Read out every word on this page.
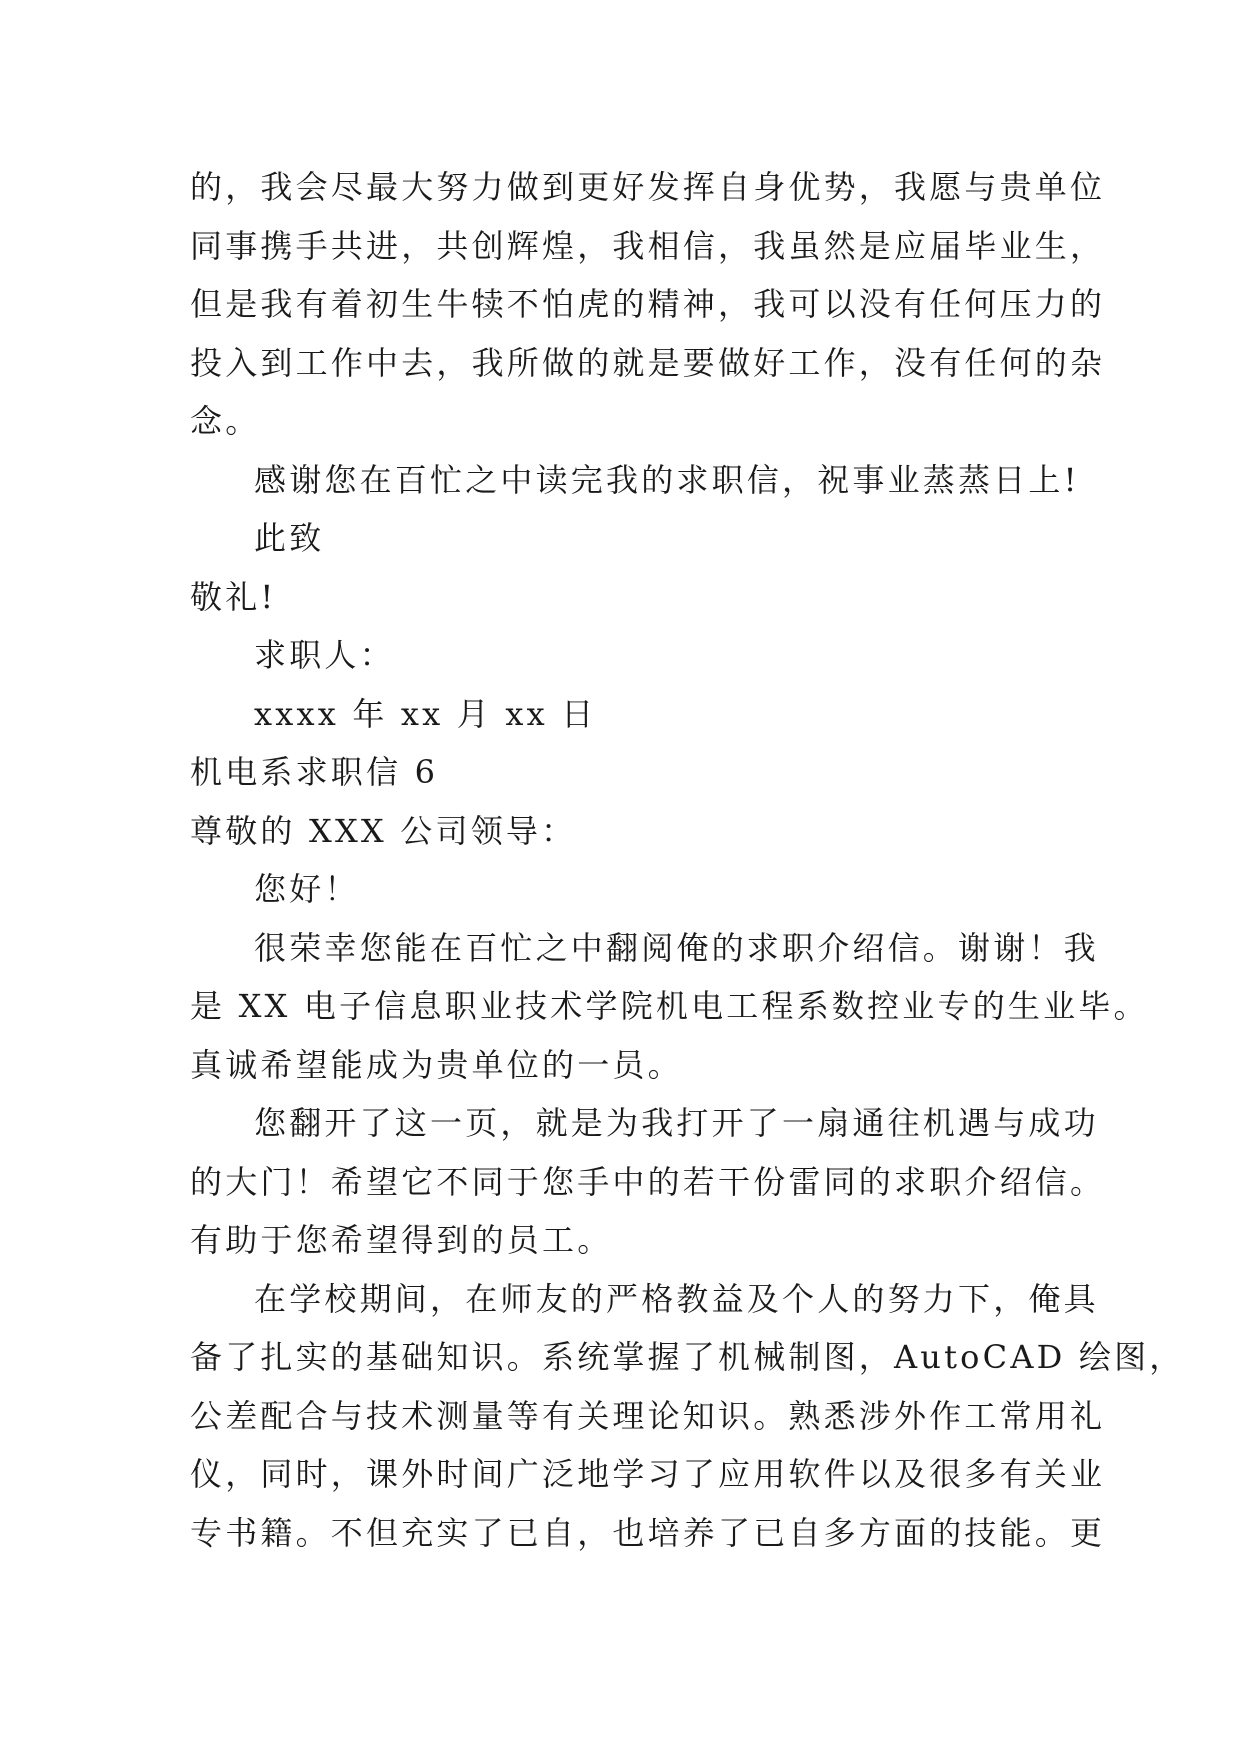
的，我会尽最大努力做到更好发挥自身优势，我愿与贵单位
同事携手共进，共创辉煌，我相信，我虽然是应届毕业生，
但是我有着初生牛犊不怕虎的精神，我可以没有任何压力的
投入到工作中去，我所做的就是要做好工作，没有任何的杂
念。
感谢您在百忙之中读完我的求职信，祝事业蒸蒸日上!
此致
敬礼!
求职人：
xxxx 年 xx 月 xx 日
机电系求职信 6
尊敬的 XXX 公司领导：
您好！
很荣幸您能在百忙之中翻阅俺的求职介绍信。谢谢！我
是 XX 电子信息职业技术学院机电工程系数控业专的生业毕。
真诚希望能成为贵单位的一员。
您翻开了这一页，就是为我打开了一扇通往机遇与成功
的大门！希望它不同于您手中的若干份雷同的求职介绍信。
有助于您希望得到的员工。
在学校期间，在师友的严格教益及个人的努力下，俺具
备了扎实的基础知识。系统掌握了机械制图，AutoCAD 绘图，
公差配合与技术测量等有关理论知识。熟悉涉外作工常用礼
仪，同时，课外时间广泛地学习了应用软件以及很多有关业
专书籍。不但充实了已自，也培养了已自多方面的技能。更
